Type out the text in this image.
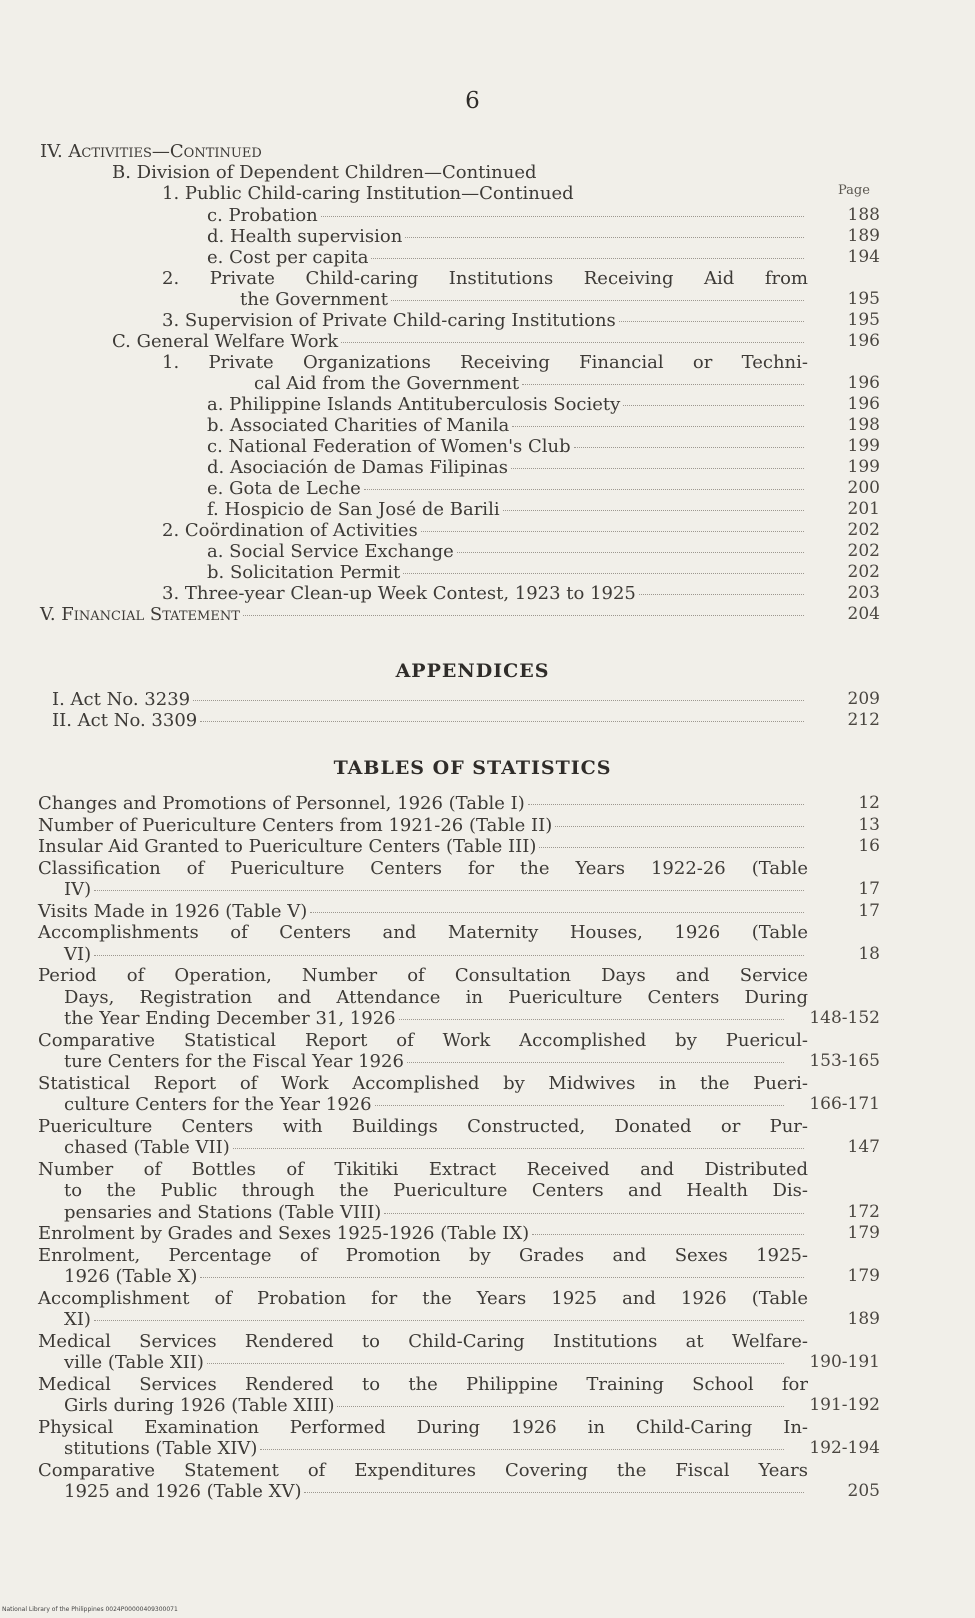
6
Page
IV. Activities—Continued
B. Division of Dependent Children—Continued
1. Public Child-caring Institution—Continued
c. Probation	188
d. Health supervision	189
e. Cost per capita	194
2. Private Child-caring Institutions Receiving Aid from
the Government	195
3. Supervision of Private Child-caring Institutions	195
C. General Welfare Work	196
1. Private Organizations Receiving Financial or Techni-
cal Aid from the Government	196
a. Philippine Islands Antituberculosis Society	196
b. Associated Charities of Manila	198
c. National Federation of Women's Club	199
d. Asociación de Damas Filipinas	199
e. Gota de Leche	200
f. Hospicio de San José de Barili	201
2. Coördination of Activities	202
a. Social Service Exchange	202
b. Solicitation Permit	202
3. Three-year Clean-up Week Contest, 1923 to 1925	203
V. Financial Statement	204
APPENDICES
I. Act No. 3239	209
II. Act No. 3309	212
TABLES OF STATISTICS
Changes and Promotions of Personnel, 1926 (Table I)	12
Number of Puericulture Centers from 1921-26 (Table II)	13
Insular Aid Granted to Puericulture Centers (Table III)	16
Classification of Puericulture Centers for the Years 1922-26 (Table
IV)	17
Visits Made in 1926 (Table V)	17
Accomplishments of Centers and Maternity Houses, 1926 (Table
VI)	18
Period of Operation, Number of Consultation Days and Service
Days, Registration and Attendance in Puericulture Centers During
the Year Ending December 31, 1926	148-152
Comparative Statistical Report of Work Accomplished by Puericul-
ture Centers for the Fiscal Year 1926	153-165
Statistical Report of Work Accomplished by Midwives in the Pueri-
culture Centers for the Year 1926	166-171
Puericulture Centers with Buildings Constructed, Donated or Pur-
chased (Table VII)	147
Number of Bottles of Tikitiki Extract Received and Distributed
to the Public through the Puericulture Centers and Health Dis-
pensaries and Stations (Table VIII)	172
Enrolment by Grades and Sexes 1925-1926 (Table IX)	179
Enrolment, Percentage of Promotion by Grades and Sexes 1925-
1926 (Table X)	179
Accomplishment of Probation for the Years 1925 and 1926 (Table
XI)	189
Medical Services Rendered to Child-Caring Institutions at Welfare-
ville (Table XII)	190-191
Medical Services Rendered to the Philippine Training School for
Girls during 1926 (Table XIII)	191-192
Physical Examination Performed During 1926 in Child-Caring In-
stitutions (Table XIV)	192-194
Comparative Statement of Expenditures Covering the Fiscal Years
1925 and 1926 (Table XV)	205
National Library of the Philippines 0024P00000409300071
